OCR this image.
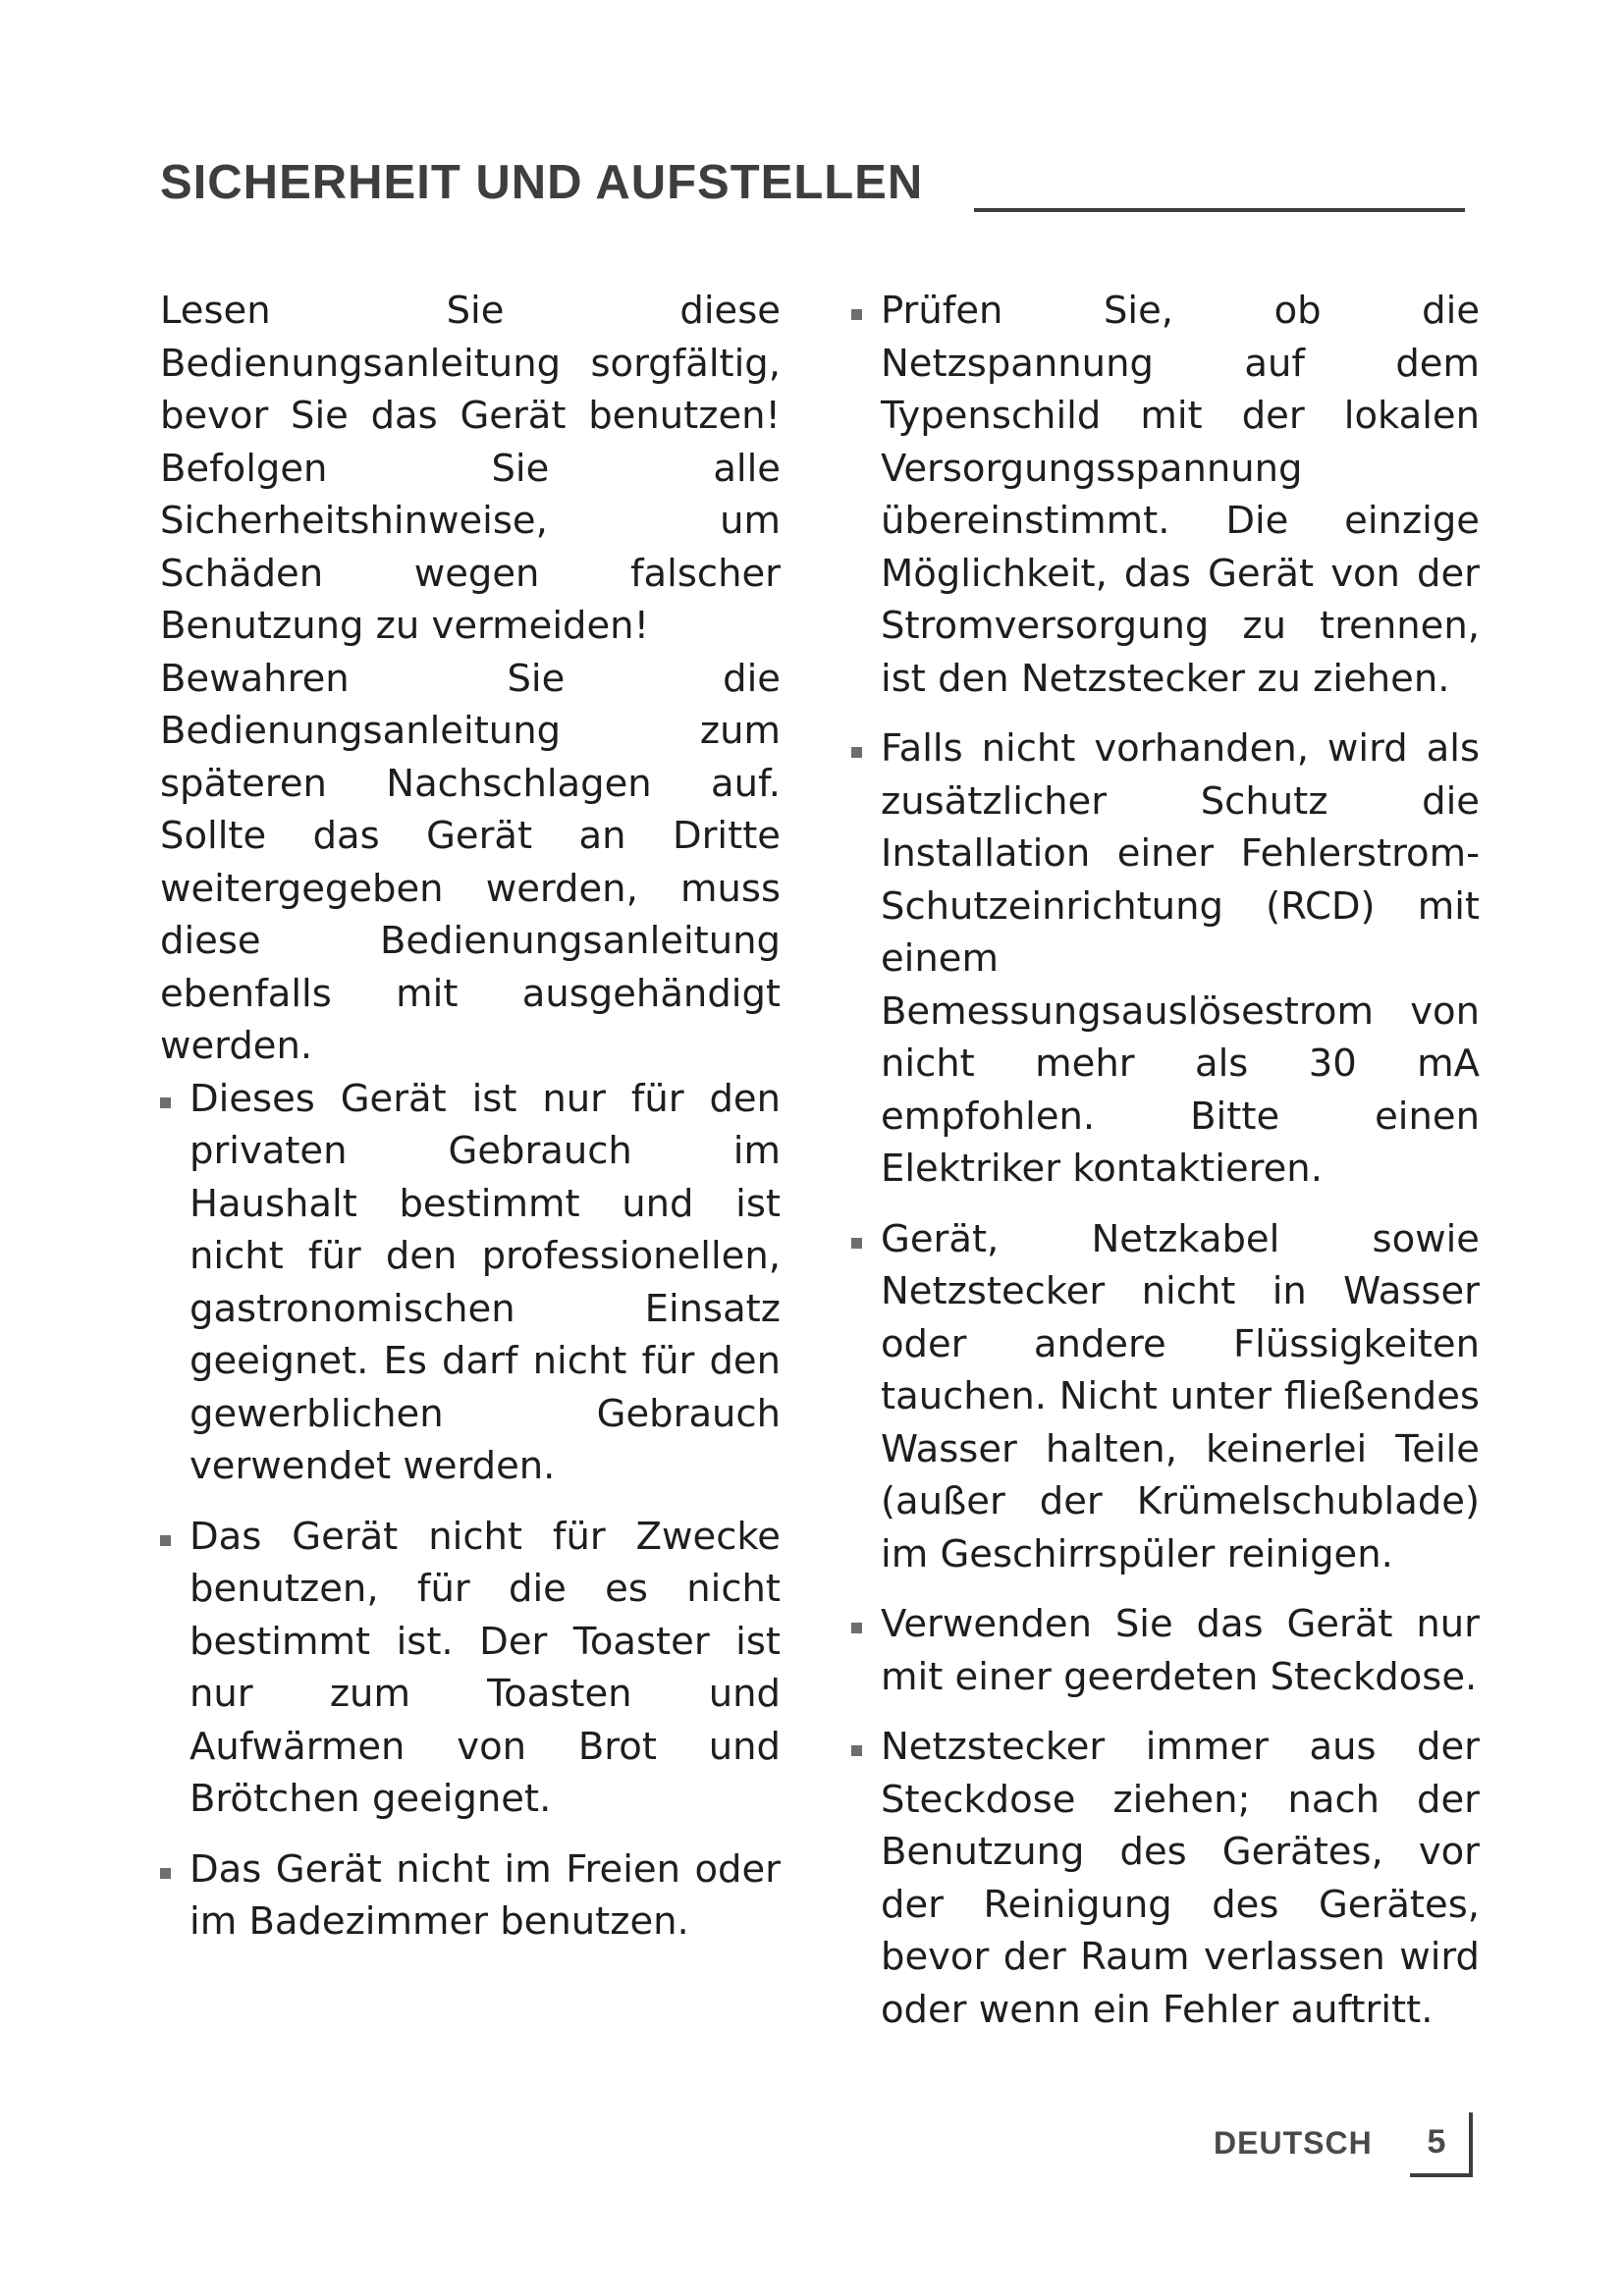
SICHERHEIT UND AUFSTELLEN

Lesen Sie diese Bedienungsanleitung sorgfältig, bevor Sie das Gerät benutzen! Befolgen Sie alle Sicherheitshinweise, um Schäden wegen falscher Benutzung zu vermeiden!

Bewahren Sie die Bedienungsanleitung zum späteren Nachschlagen auf. Sollte das Gerät an Dritte weitergegeben werden, muss diese Bedienungsanleitung ebenfalls mit ausgehändigt werden.

Dieses Gerät ist nur für den privaten Gebrauch im Haushalt bestimmt und ist nicht für den professionellen, gastronomischen Einsatz geeignet. Es darf nicht für den gewerblichen Gebrauch verwendet werden.
Das Gerät nicht für Zwecke benutzen, für die es nicht bestimmt ist. Der Toaster ist nur zum Toasten und Aufwärmen von Brot und Brötchen geeignet.
Das Gerät nicht im Freien oder im Badezimmer benutzen.
Prüfen Sie, ob die Netzspannung auf dem Typenschild mit der lokalen Versorgungsspannung übereinstimmt. Die einzige Möglichkeit, das Gerät von der Stromversorgung zu trennen, ist den Netzstecker zu ziehen.
Falls nicht vorhanden, wird als zusätzlicher Schutz die Installation einer Fehlerstrom-Schutzeinrichtung (RCD) mit einem Bemessungsauslösestrom von nicht mehr als 30 mA empfohlen. Bitte einen Elektriker kontaktieren.
Gerät, Netzkabel sowie Netzstecker nicht in Wasser oder andere Flüssigkeiten tauchen. Nicht unter fließendes Wasser halten, keinerlei Teile (außer der Krümelschublade) im Geschirrspüler reinigen.
Verwenden Sie das Gerät nur mit einer geerdeten Steckdose.
Netzstecker immer aus der Steckdose ziehen; nach der Benutzung des Gerätes, vor der Reinigung des Gerätes, bevor der Raum verlassen wird oder wenn ein Fehler auftritt.
DEUTSCH 5
